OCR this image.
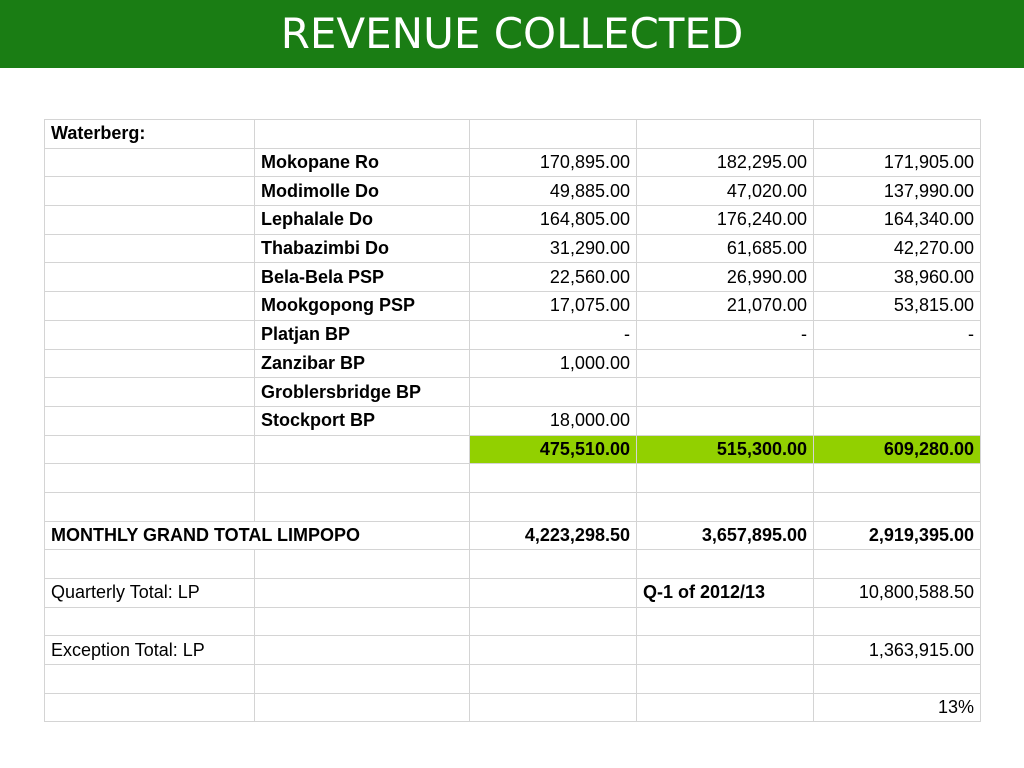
REVENUE COLLECTED
Waterberg:				
	Mokopane Ro	170,895.00	182,295.00	171,905.00
	Modimolle Do	49,885.00	47,020.00	137,990.00
	Lephalale Do	164,805.00	176,240.00	164,340.00
	Thabazimbi Do	31,290.00	61,685.00	42,270.00
	Bela-Bela PSP	22,560.00	26,990.00	38,960.00
	Mookgopong PSP	17,075.00	21,070.00	53,815.00
	Platjan BP	-	-	-
	Zanzibar BP	1,000.00		
	Groblersbridge BP			
	Stockport BP	18,000.00		
		475,510.00	515,300.00	609,280.00

MONTHLY GRAND TOTAL LIMPOPO		4,223,298.50	3,657,895.00	2,919,395.00

Quarterly Total: LP			Q-1 of 2012/13	10,800,588.50

Exception Total: LP				1,363,915.00

				13%
